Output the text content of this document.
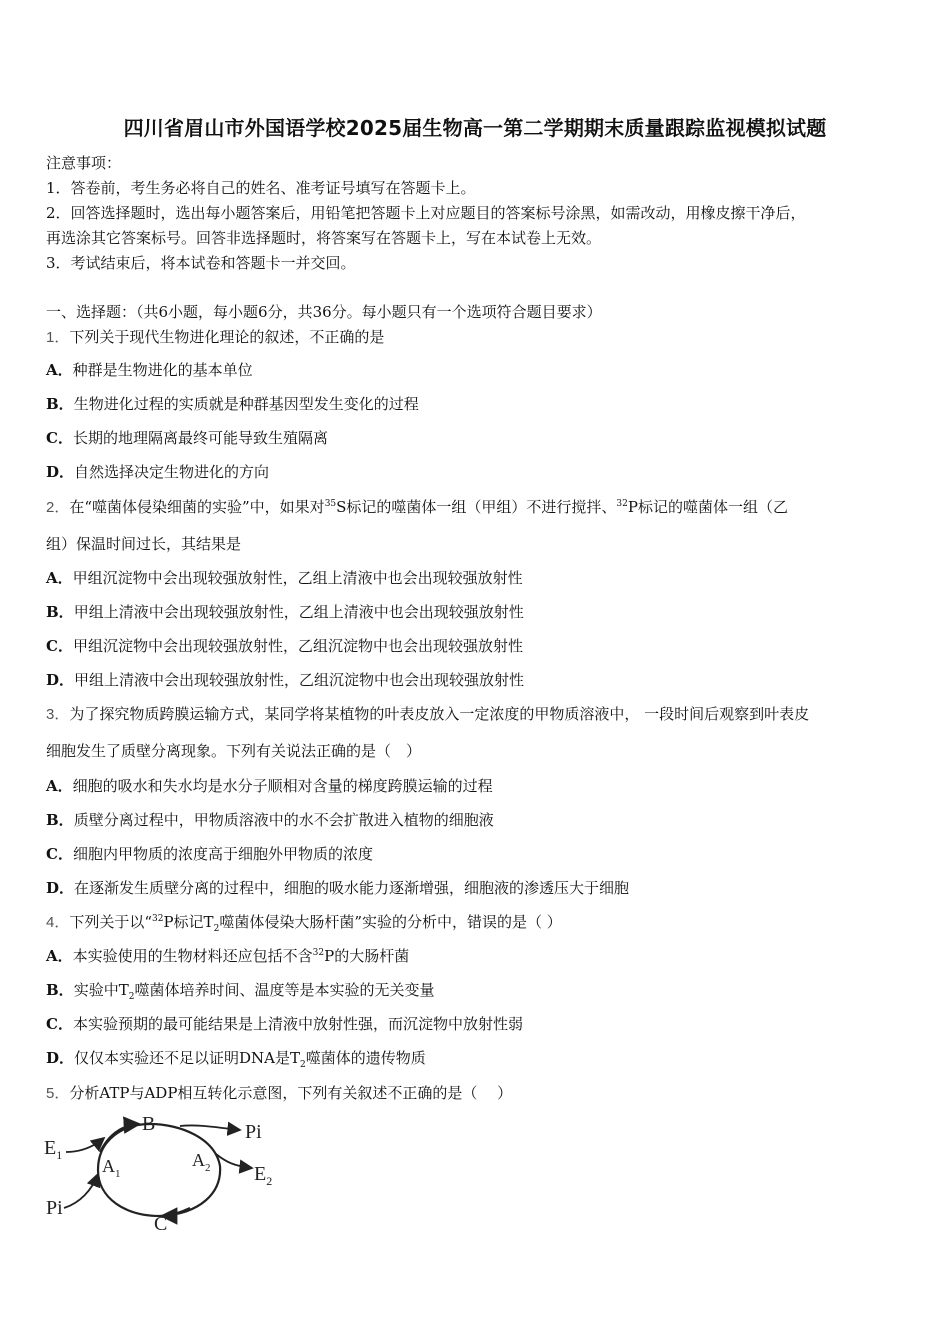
四川省眉山市外国语学校2025届生物高一第二学期期末质量跟踪监视模拟试题
注意事项：
1．答卷前，考生务必将自己的姓名、准考证号填写在答题卡上。
2．回答选择题时，选出每小题答案后，用铅笔把答题卡上对应题目的答案标号涂黑，如需改动，用橡皮擦干净后，
再选涂其它答案标号。回答非选择题时，将答案写在答题卡上，写在本试卷上无效。
3．考试结束后，将本试卷和答题卡一并交回。
一、选择题：（共6小题，每小题6分，共36分。每小题只有一个选项符合题目要求）
1．下列关于现代生物进化理论的叙述，不正确的是
A．种群是生物进化的基本单位
B．生物进化过程的实质就是种群基因型发生变化的过程
C．长期的地理隔离最终可能导致生殖隔离
D．自然选择决定生物进化的方向
2．在“噬菌体侵染细菌的实验”中，如果对$^{35}$S标记的噬菌体一组（甲组）不进行搅拌、$^{32}$P标记的噬菌体一组（乙
组）保温时间过长，其结果是
A．甲组沉淀物中会出现较强放射性，乙组上清液中也会出现较强放射性
B．甲组上清液中会出现较强放射性，乙组上清液中也会出现较强放射性
C．甲组沉淀物中会出现较强放射性，乙组沉淀物中也会出现较强放射性
D．甲组上清液中会出现较强放射性，乙组沉淀物中也会出现较强放射性
3．为了探究物质跨膜运输方式，某同学将某植物的叶表皮放入一定浓度的甲物质溶液中， 一段时间后观察到叶表皮
细胞发生了质壁分离现象。下列有关说法正确的是（　）
A．细胞的吸水和失水均是水分子顺相对含量的梯度跨膜运输的过程
B．质壁分离过程中，甲物质溶液中的水不会扩散进入植物的细胞液
C．细胞内甲物质的浓度高于细胞外甲物质的浓度
D．在逐渐发生质壁分离的过程中，细胞的吸水能力逐渐增强，细胞液的渗透压大于细胞
4．下列关于以“$^{32}$P标记$T_2$噬菌体侵染大肠杆菌”实验的分析中，错误的是（ ）
A．本实验使用的生物材料还应包括不含$^{32}$P的大肠杆菌
B．实验中$T_2$噬菌体培养时间、温度等是本实验的无关变量
C．本实验预期的最可能结果是上清液中放射性强，而沉淀物中放射性弱
D．仅仅本实验还不足以证明DNA是$T_2$噬菌体的遗传物质
5．分析ATP与ADP相互转化示意图，下列有关叙述不正确的是（　 ）
$E_1$
B	Pi
$A_1$
$A_2$ $E_2$
Pi
C
